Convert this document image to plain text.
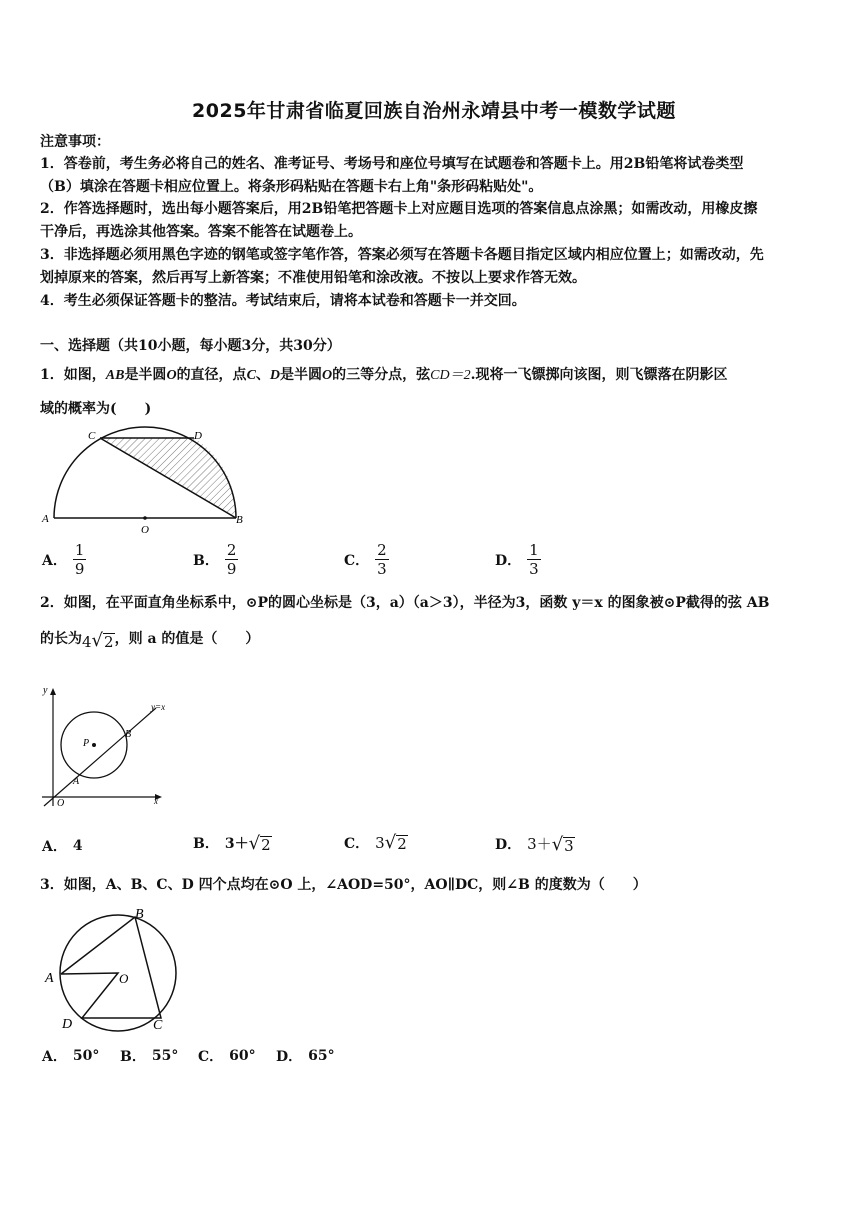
2025年甘肃省临夏回族自治州永靖县中考一模数学试题
注意事项：
1．答卷前，考生务必将自己的姓名、准考证号、考场号和座位号填写在试题卷和答题卡上。用2B铅笔将试卷类型
（B）填涂在答题卡相应位置上。将条形码粘贴在答题卡右上角"条形码粘贴处"。
2．作答选择题时，选出每小题答案后，用2B铅笔把答题卡上对应题目选项的答案信息点涂黑；如需改动，用橡皮擦
干净后，再选涂其他答案。答案不能答在试题卷上。
3．非选择题必须用黑色字迹的钢笔或签字笔作答，答案必须写在答题卡各题目指定区域内相应位置上；如需改动，先
划掉原来的答案，然后再写上新答案；不准使用铅笔和涂改液。不按以上要求作答无效。
4．考生必须保证答题卡的整洁。考试结束后，请将本试卷和答题卡一并交回。
一、选择题（共10小题，每小题3分，共30分）
1．如图，AB是半圆O的直径，点C、D是半圆O的三等分点，弦CD＝2.现将一飞镖掷向该图，则飞镖落在阴影区
域的概率为(　　)
C	D
A	B
O
A． $\frac{1}{9}$	B． $\frac{2}{9}$	C． $\frac{2}{3}$	D． $\frac{1}{3}$
2．如图，在平面直角坐标系中，⊙P的圆心坐标是（3，a）（a＞3），半径为3，函数 y＝x 的图象被⊙P截得的弦 AB
的长为 4 √ 2 ，则 a 的值是（　　）
y
y=x
P
B
A
O	x
A． 4	B． 3＋ √ 2	C． 3 √ 2	D． 3＋ √ 3
3．如图，A、B、C、D 四个点均在⊙O 上，∠AOD=50°，AO∥DC，则∠B 的度数为（　　）
B
A	O
D	C
A． 50° B． 55° C． 60° D． 65°
